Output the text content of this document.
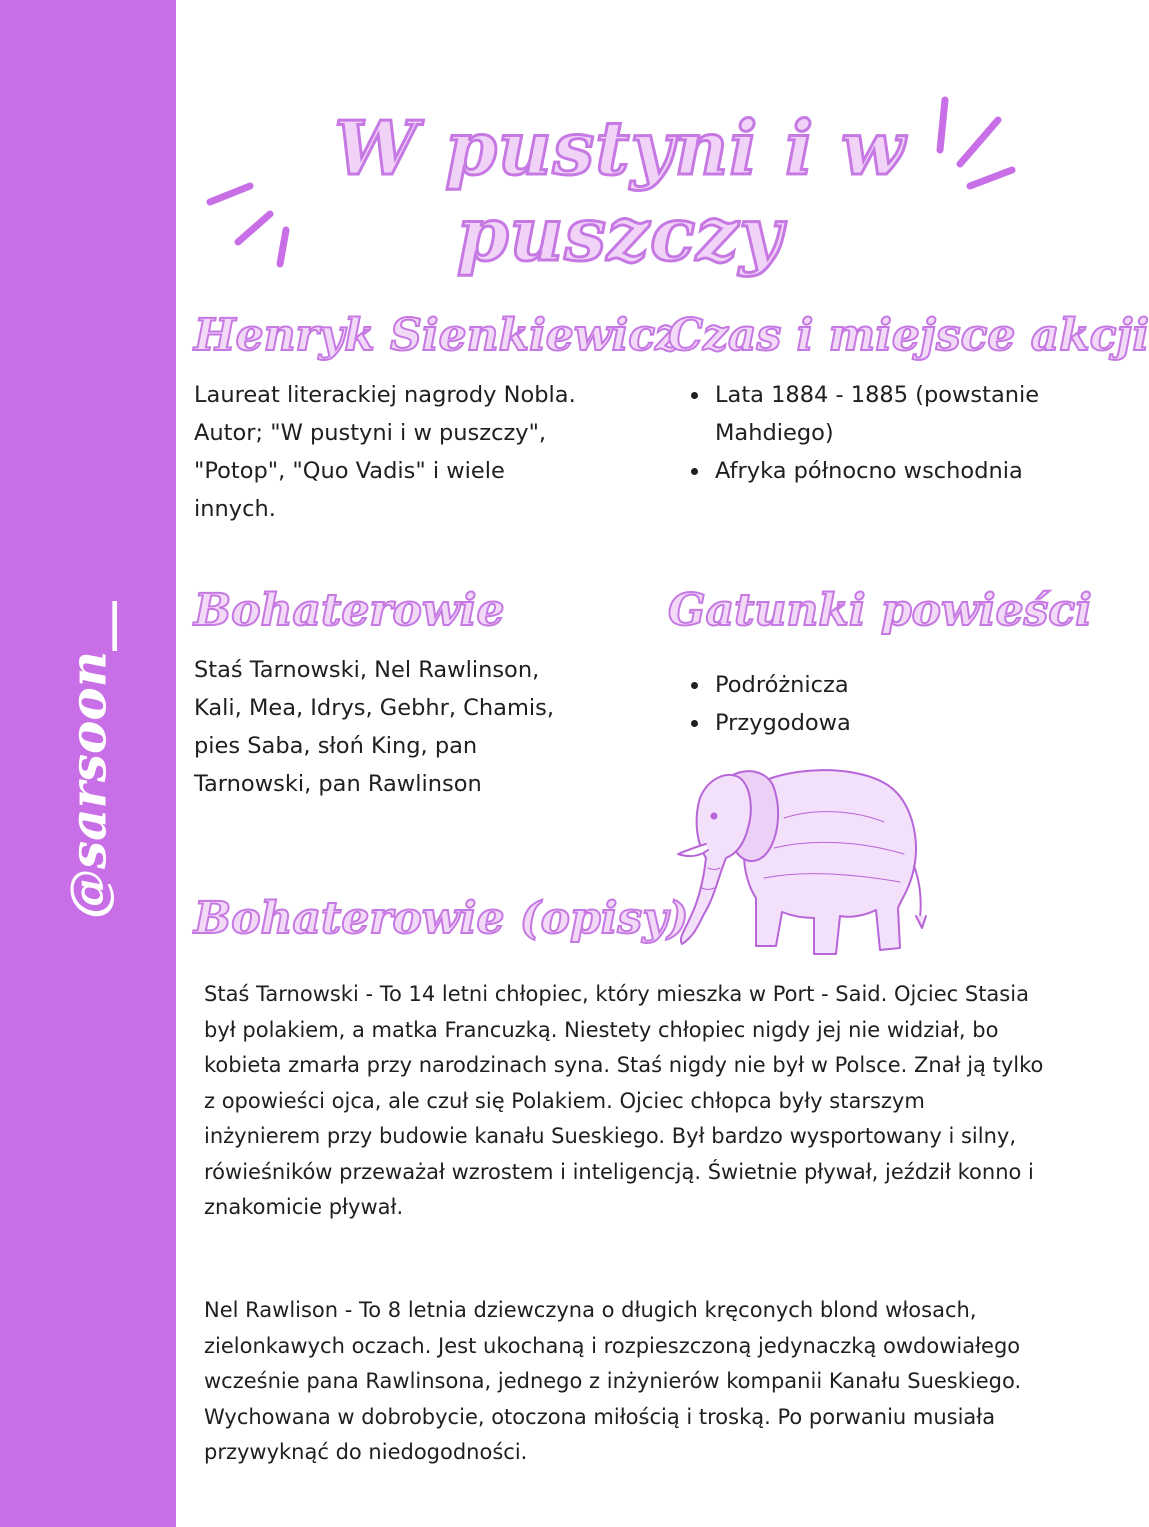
@sarsoon__
W pustyni i w puszczy
Henryk Sienkiewicz

Laureat literackiej nagrody Nobla. Autor; "W pustyni i w puszczy", "Potop", "Quo Vadis" i wiele innych.

Czas i miejsce akcji
• Lata 1884 - 1885 (powstanie Mahdiego)
• Afryka północno wschodnia
Bohaterowie

Staś Tarnowski, Nel Rawlinson, Kali, Mea, Idrys, Gebhr, Chamis, pies Saba, słoń King, pan Tarnowski, pan Rawlinson

Gatunki powieści
• Podróżnicza
• Przygodowa
Bohaterowie (opisy)

Staś Tarnowski - To 14 letni chłopiec, który mieszka w Port - Said. Ojciec Stasia był polakiem, a matka Francuzką. Niestety chłopiec nigdy jej nie widział, bo kobieta zmarła przy narodzinach syna. Staś nigdy nie był w Polsce. Znał ją tylko z opowieści ojca, ale czuł się Polakiem. Ojciec chłopca były starszym inżynierem przy budowie kanału Sueskiego. Był bardzo wysportowany i silny, rówieśników przeważał wzrostem i inteligencją. Świetnie pływał, jeździł konno i znakomicie pływał.

Nel Rawlison - To 8 letnia dziewczyna o długich kręconych blond włosach, zielonkawych oczach. Jest ukochaną i rozpieszczoną jedynaczką owdowiałego wcześnie pana Rawlinsona, jednego z inżynierów kompanii Kanału Sueskiego. Wychowana w dobrobycie, otoczona miłością i troską. Po porwaniu musiała przywyknąć do niedogodności.
